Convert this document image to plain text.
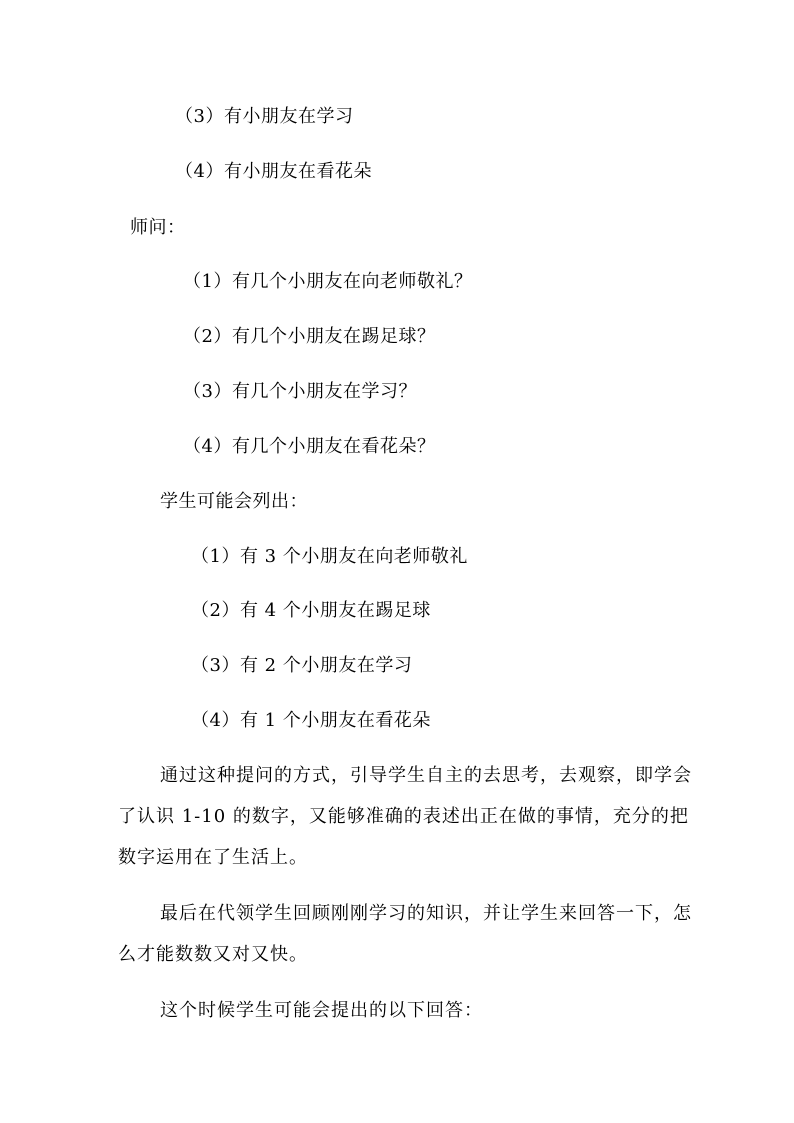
（3）有小朋友在学习
（4）有小朋友在看花朵
师问：
（1）有几个小朋友在向老师敬礼？
（2）有几个小朋友在踢足球？
（3）有几个小朋友在学习？
（4）有几个小朋友在看花朵？
学生可能会列出：
（1）有 3 个小朋友在向老师敬礼
（2）有 4 个小朋友在踢足球
（3）有 2 个小朋友在学习
（4）有 1 个小朋友在看花朵
通过这种提问的方式，引导学生自主的去思考，去观察，即学会
了认识 1-10 的数字，又能够准确的表述出正在做的事情，充分的把
数字运用在了生活上。
最后在代领学生回顾刚刚学习的知识，并让学生来回答一下，怎
么才能数数又对又快。
这个时候学生可能会提出的以下回答：
